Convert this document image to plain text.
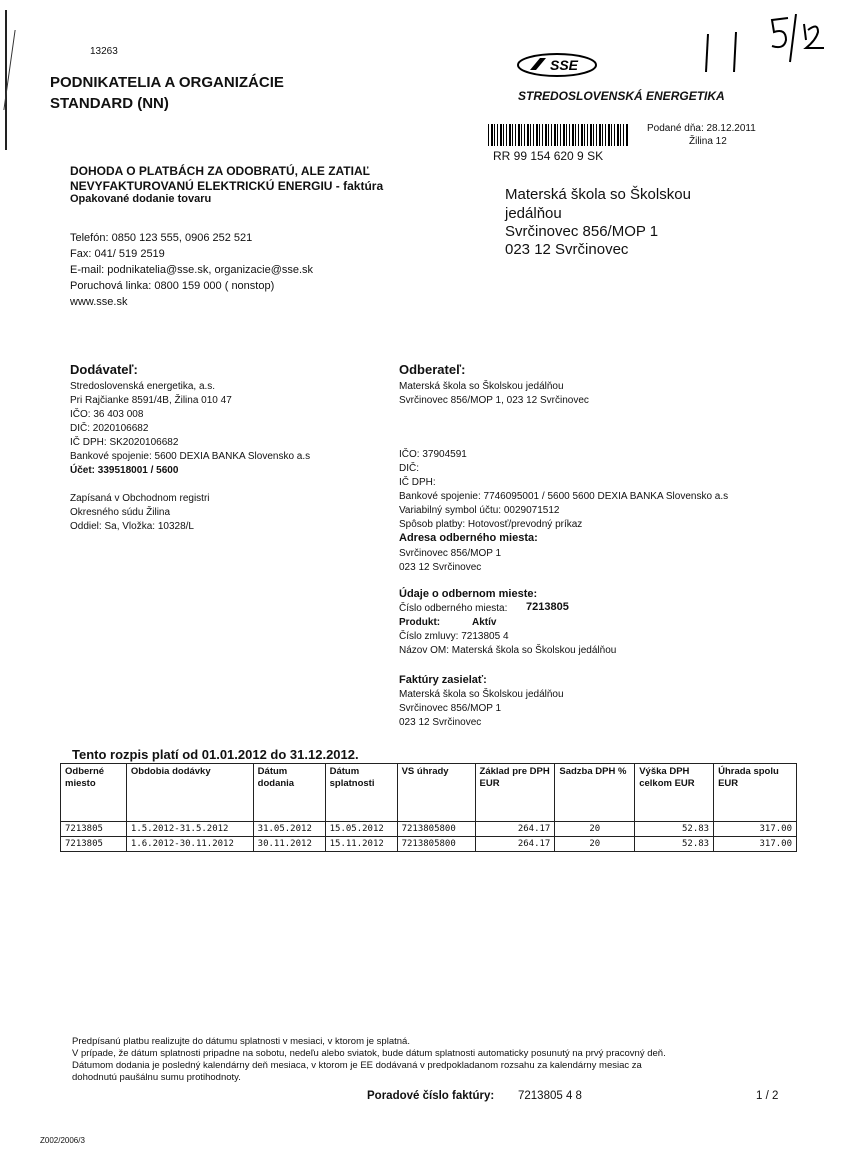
13263
PODNIKATELIA A ORGANIZÁCIE
STANDARD (NN)
SSE
STREDOSLOVENSKÁ ENERGETIKA
Podané dňa: 28.12.2011
Žilina 12
RR 99 154 620 9 SK
DOHODA O PLATBÁCH ZA ODOBRATÚ, ALE ZATIAĽ
NEVYFAKTUROVANÚ ELEKTRICKÚ ENERGIU - faktúra
Opakované dodanie tovaru	Materská škola so Školskou
jedálňou
Svrčinovec 856/MOP 1
023 12 Svrčinovec
Telefón: 0850 123 555, 0906 252 521
Fax: 041/ 519 2519
E-mail: podnikatelia@sse.sk, organizacie@sse.sk
Poruchová linka: 0800 159 000 ( nonstop)
www.sse.sk
Dodávateľ:
Stredoslovenská energetika, a.s.
Pri Rajčianke 8591/4B, Žilina 010 47
IČO: 36 403 008
DIČ: 2020106682
IČ DPH: SK2020106682
Bankové spojenie: 5600 DEXIA BANKA Slovensko a.s
Účet: 339518001 / 5600
Zapísaná v Obchodnom registri
Okresného súdu Žilina
Oddiel: Sa, Vložka: 10328/L
Odberateľ:
Materská škola so Školskou jedálňou
Svrčinovec 856/MOP 1, 023 12 Svrčinovec
IČO: 37904591
DIČ:
IČ DPH:
Bankové spojenie: 7746095001 / 5600 5600 DEXIA BANKA Slovensko a.s
Variabilný symbol účtu: 0029071512
Spôsob platby: Hotovosť/prevodný príkaz
Adresa odberného miesta:
Svrčinovec 856/MOP 1
023 12 Svrčinovec
Údaje o odbernom mieste:
Číslo odberného miesta: 7213805
Produkt:	Aktív
Číslo zmluvy: 7213805 4
Názov OM: Materská škola so Školskou jedálňou
Faktúry zasielať:
Materská škola so Školskou jedálňou
Svrčinovec 856/MOP 1
023 12 Svrčinovec
Tento rozpis platí od 01.01.2012 do 31.12.2012.
Odberné miesto	Obdobia dodávky	Dátum dodania	Dátum splatnosti	VS úhrady	Základ pre DPH EUR	Sadzba DPH %	Výška DPH celkom EUR	Úhrada spolu EUR
7213805	1.5.2012-31.5.2012	31.05.2012	15.05.2012	7213805800	264.17	20	52.83	317.00
7213805	1.6.2012-30.11.2012	30.11.2012	15.11.2012	7213805800	264.17	20	52.83	317.00
Predpísanú platbu realizujte do dátumu splatnosti v mesiaci, v ktorom je splatná.
V prípade, že dátum splatnosti pripadne na sobotu, nedeľu alebo sviatok, bude dátum splatnosti automaticky posunutý na prvý pracovný deň.
Dátumom dodania je posledný kalendárny deň mesiaca, v ktorom je EE dodávaná v predpokladanom rozsahu za kalendárny mesiac za
dohodnutú paušálnu sumu protihodnoty.
Poradové číslo faktúry: 7213805 4 8	1 / 2
Z002/2006/3
